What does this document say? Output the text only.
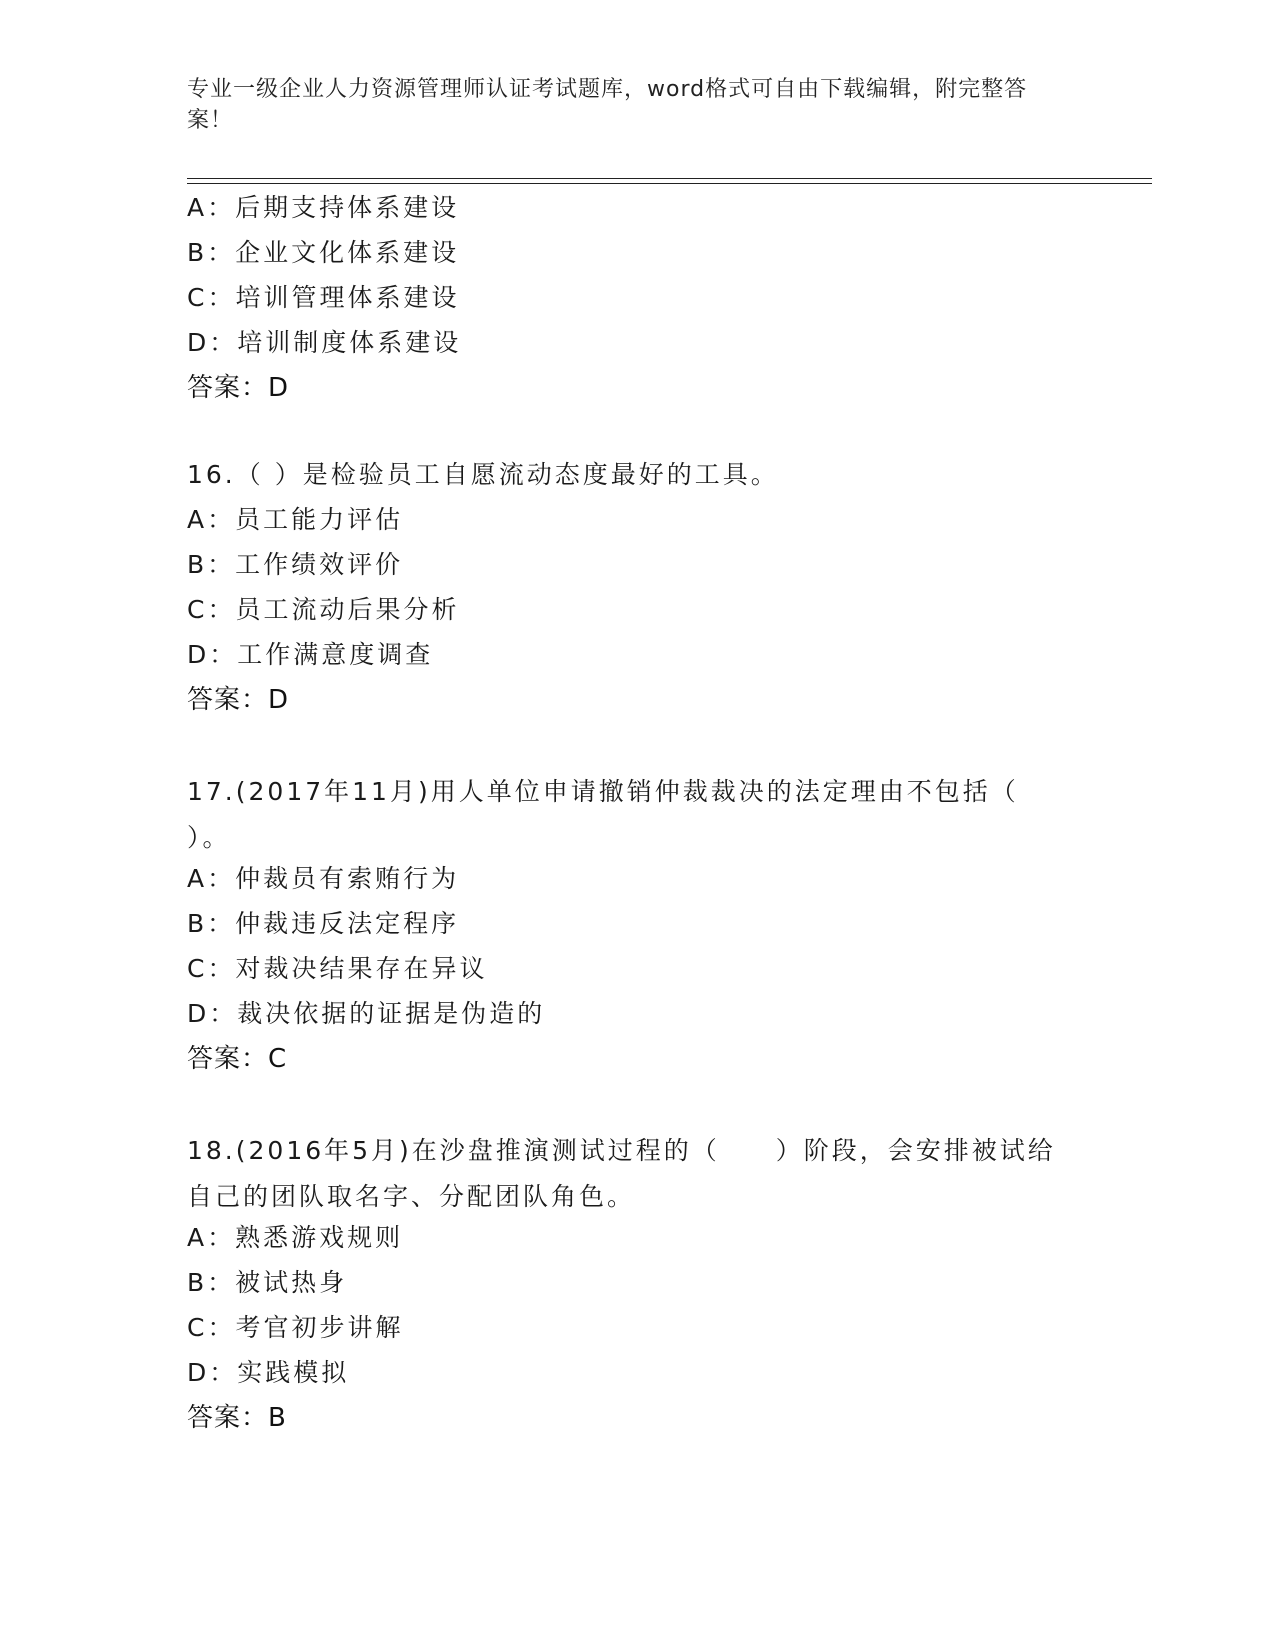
专业一级企业人力资源管理师认证考试题库，word格式可自由下载编辑，附完整答案！
A：后期支持体系建设
B：企业文化体系建设
C：培训管理体系建设
D：培训制度体系建设
答案：D
16.（ ）是检验员工自愿流动态度最好的工具。
A：员工能力评估
B：工作绩效评价
C：员工流动后果分析
D：工作满意度调查
答案：D
17.(2017年11月)用人单位申请撤销仲裁裁决的法定理由不包括（ ）。
A：仲裁员有索贿行为
B：仲裁违反法定程序
C：对裁决结果存在异议
D：裁决依据的证据是伪造的
答案：C
18.(2016年5月)在沙盘推演测试过程的（　　）阶段，会安排被试给自己的团队取名字、分配团队角色。
A：熟悉游戏规则
B：被试热身
C：考官初步讲解
D：实践模拟
答案：B
